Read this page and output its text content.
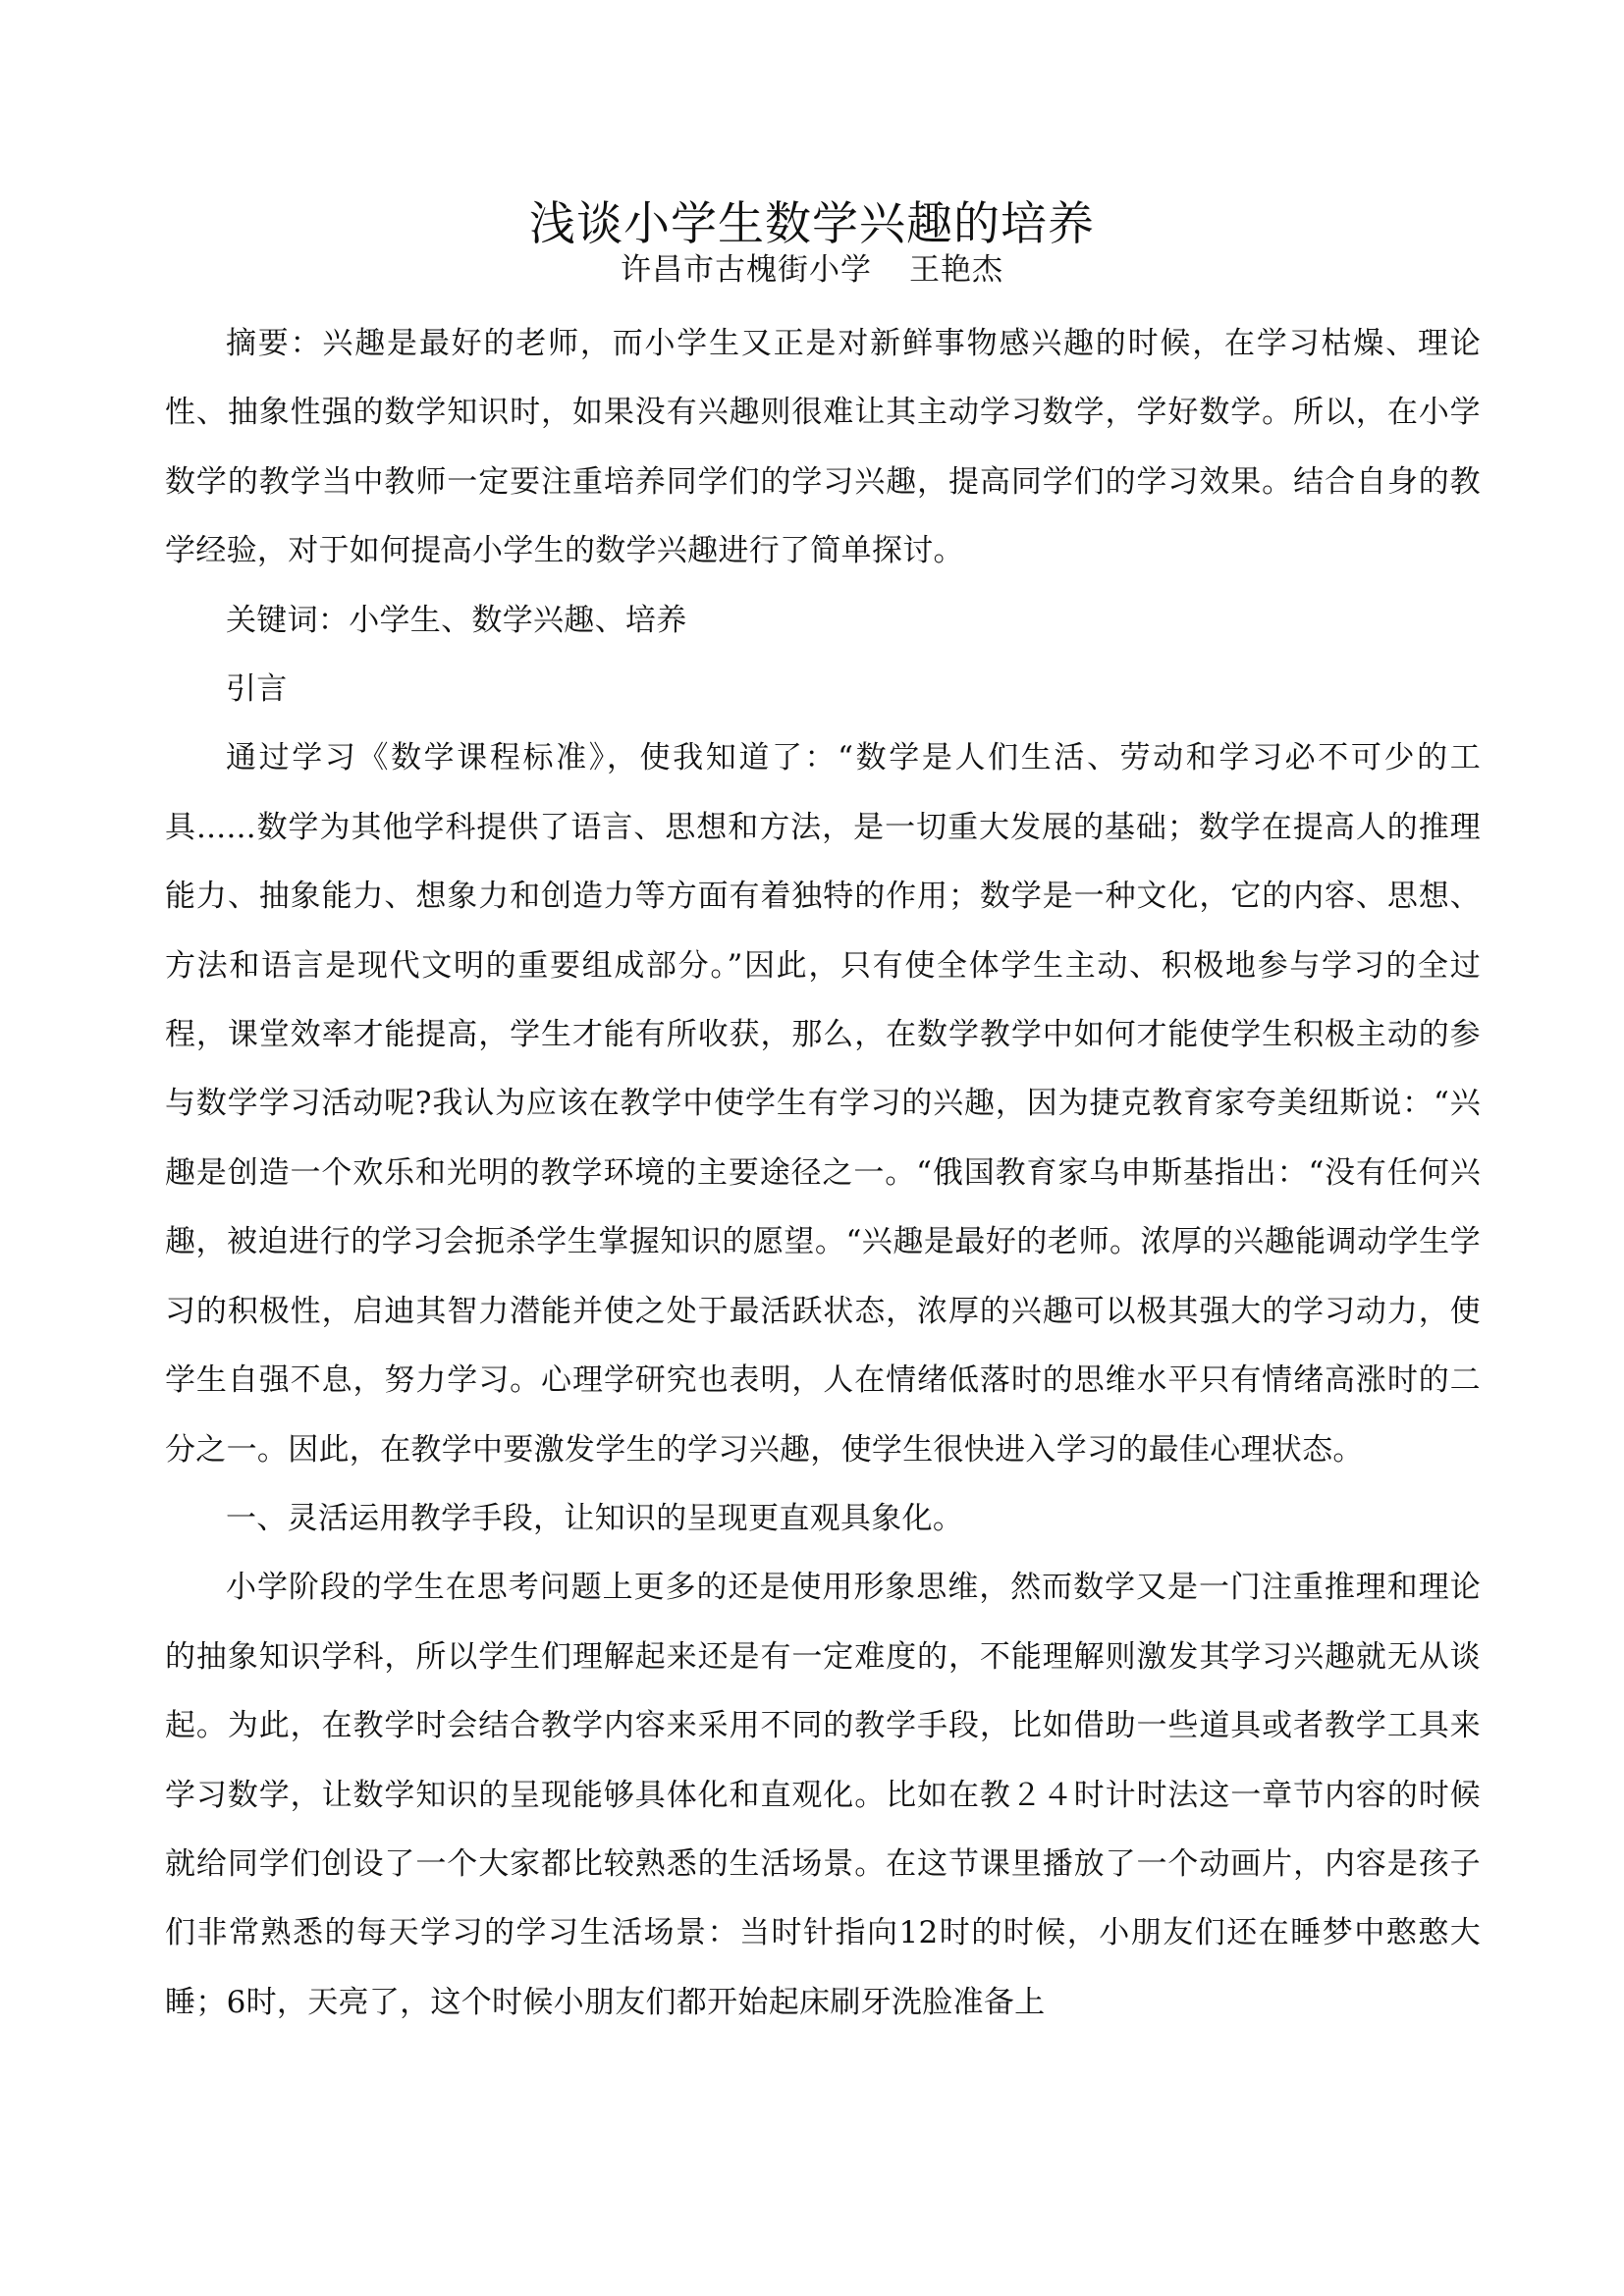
浅谈小学生数学兴趣的培养
许昌市古槐街小学 王艳杰

摘要：兴趣是最好的老师，而小学生又正是对新鲜事物感兴趣的时候，在学习枯燥、理论性、抽象性强的数学知识时，如果没有兴趣则很难让其主动学习数学，学好数学。所以，在小学数学的教学当中教师一定要注重培养同学们的学习兴趣，提高同学们的学习效果。结合自身的教学经验，对于如何提高小学生的数学兴趣进行了简单探讨。

关键词：小学生、数学兴趣、培养

引言

通过学习《数学课程标准》，使我知道了：“数学是人们生活、劳动和学习必不可少的工具......数学为其他学科提供了语言、思想和方法，是一切重大发展的基础；数学在提高人的推理能力、抽象能力、想象力和创造力等方面有着独特的作用；数学是一种文化，它的内容、思想、方法和语言是现代文明的重要组成部分。”因此，只有使全体学生主动、积极地参与学习的全过程，课堂效率才能提高，学生才能有所收获，那么，在数学教学中如何才能使学生积极主动的参与数学学习活动呢?我认为应该在教学中使学生有学习的兴趣，因为捷克教育家夸美纽斯说：“兴趣是创造一个欢乐和光明的教学环境的主要途径之一。“俄国教育家乌申斯基指出：“没有任何兴趣，被迫进行的学习会扼杀学生掌握知识的愿望。“兴趣是最好的老师。浓厚的兴趣能调动学生学习的积极性，启迪其智力潜能并使之处于最活跃状态，浓厚的兴趣可以极其强大的学习动力，使学生自强不息，努力学习。心理学研究也表明，人在情绪低落时的思维水平只有情绪高涨时的二分之一。因此，在教学中要激发学生的学习兴趣，使学生很快进入学习的最佳心理状态。

一、灵活运用教学手段，让知识的呈现更直观具象化。

小学阶段的学生在思考问题上更多的还是使用形象思维，然而数学又是一门注重推理和理论的抽象知识学科，所以学生们理解起来还是有一定难度的，不能理解则激发其学习兴趣就无从谈起。为此，在教学时会结合教学内容来采用不同的教学手段，比如借助一些道具或者教学工具来学习数学，让数学知识的呈现能够具体化和直观化。比如在教２４时计时法这一章节内容的时候就给同学们创设了一个大家都比较熟悉的生活场景。在这节课里播放了一个动画片，内容是孩子们非常熟悉的每天学习的学习生活场景：当时针指向12时的时候，小朋友们还在睡梦中憨憨大睡；6时，天亮了，这个时候小朋友们都开始起床刷牙洗脸准备上
